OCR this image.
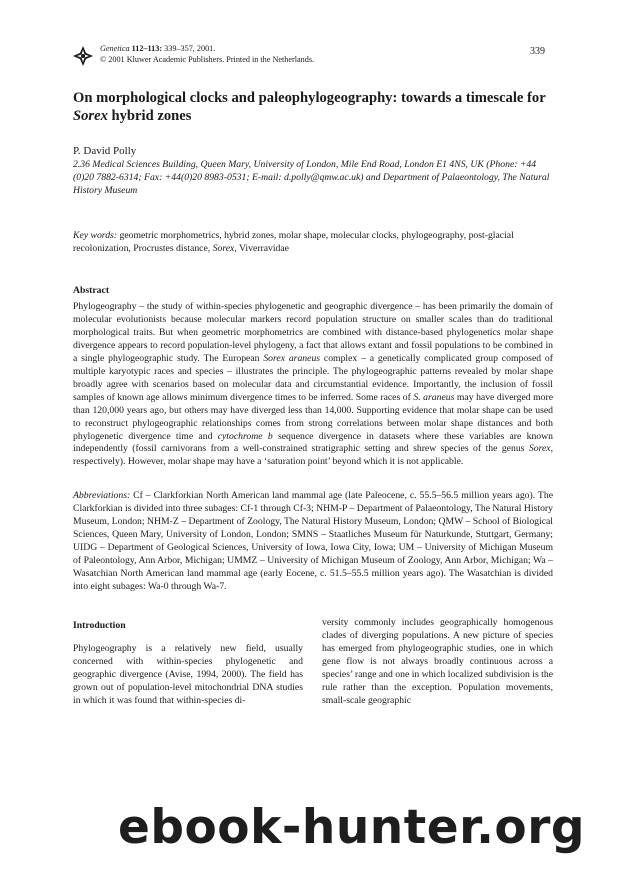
Genetica 112–113: 339–357, 2001.
© 2001 Kluwer Academic Publishers. Printed in the Netherlands.
339
On morphological clocks and paleophylogeography: towards a timescale for Sorex hybrid zones
P. David Polly
2.36 Medical Sciences Building, Queen Mary, University of London, Mile End Road, London E1 4NS, UK (Phone: +44 (0)20 7882-6314; Fax: +44(0)20 8983-0531; E-mail: d.polly@qmw.ac.uk) and Department of Palaeontology, The Natural History Museum
Key words: geometric morphometrics, hybrid zones, molar shape, molecular clocks, phylogeography, post-glacial recolonization, Procrustes distance, Sorex, Viverravidae
Abstract
Phylogeography – the study of within-species phylogenetic and geographic divergence – has been primarily the domain of molecular evolutionists because molecular markers record population structure on smaller scales than do traditional morphological traits. But when geometric morphometrics are combined with distance-based phylogenetics molar shape divergence appears to record population-level phylogeny, a fact that allows extant and fossil populations to be combined in a single phylogeographic study. The European Sorex araneus complex – a genetically complicated group composed of multiple karyotypic races and species – illustrates the principle. The phylogeographic patterns revealed by molar shape broadly agree with scenarios based on molecular data and circumstantial evidence. Importantly, the inclusion of fossil samples of known age allows minimum divergence times to be inferred. Some races of S. araneus may have diverged more than 120,000 years ago, but others may have diverged less than 14,000. Supporting evidence that molar shape can be used to reconstruct phylogeographic relationships comes from strong correlations between molar shape distances and both phylogenetic divergence time and cytochrome b sequence divergence in datasets where these variables are known independently (fossil carnivorans from a well-constrained stratigraphic setting and shrew species of the genus Sorex, respectively). However, molar shape may have a ‘saturation point’ beyond which it is not applicable.
Abbreviations: Cf – Clarkforkian North American land mammal age (late Paleocene, c. 55.5–56.5 million years ago). The Clarkforkian is divided into three subages: Cf-1 through Cf-3; NHM-P – Department of Palaeontology, The Natural History Museum, London; NHM-Z – Department of Zoology, The Natural History Museum, London; QMW – School of Biological Sciences, Queen Mary, University of London, London; SMNS – Staatliches Museum für Naturkunde, Stuttgart, Germany; UIDG – Department of Geological Sciences, University of Iowa, Iowa City, Iowa; UM – University of Michigan Museum of Paleontology, Ann Arbor, Michigan; UMMZ – University of Michigan Museum of Zoology, Ann Arbor, Michigan; Wa – Wasatchian North American land mammal age (early Eocene, c. 51.5–55.5 million years ago). The Wasatchian is divided into eight subages: Wa-0 through Wa-7.
Introduction
Phylogeography is a relatively new field, usually concerned with within-species phylogenetic and geographic divergence (Avise, 1994, 2000). The field has grown out of population-level mitochondrial DNA studies in which it was found that within-species di-
versity commonly includes geographically homogenous clades of diverging populations. A new picture of species has emerged from phylogeographic studies, one in which gene flow is not always broadly continuous across a species’ range and one in which localized subdivision is the rule rather than the exception. Population movements, small-scale geographic
ebook-hunter.org
